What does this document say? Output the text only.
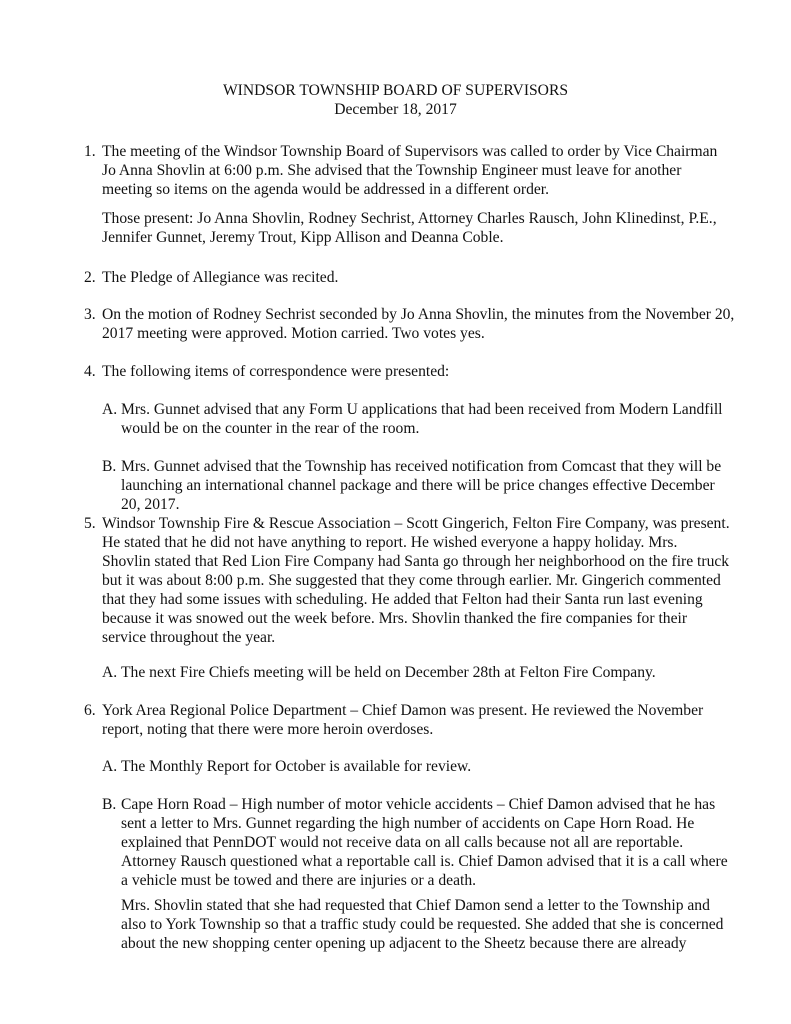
WINDSOR TOWNSHIP BOARD OF SUPERVISORS
December 18, 2017
1. The meeting of the Windsor Township Board of Supervisors was called to order by Vice Chairman
Jo Anna Shovlin at 6:00 p.m. She advised that the Township Engineer must leave for another
meeting so items on the agenda would be addressed in a different order.
Those present: Jo Anna Shovlin, Rodney Sechrist, Attorney Charles Rausch, John Klinedinst, P.E.,
Jennifer Gunnet, Jeremy Trout, Kipp Allison and Deanna Coble.
2. The Pledge of Allegiance was recited.
3. On the motion of Rodney Sechrist seconded by Jo Anna Shovlin, the minutes from the November 20,
2017 meeting were approved. Motion carried. Two votes yes.
4. The following items of correspondence were presented:
A. Mrs. Gunnet advised that any Form U applications that had been received from Modern Landfill
would be on the counter in the rear of the room.
B. Mrs. Gunnet advised that the Township has received notification from Comcast that they will be
launching an international channel package and there will be price changes effective December
20, 2017.
5. Windsor Township Fire & Rescue Association – Scott Gingerich, Felton Fire Company, was present.
He stated that he did not have anything to report. He wished everyone a happy holiday. Mrs.
Shovlin stated that Red Lion Fire Company had Santa go through her neighborhood on the fire truck
but it was about 8:00 p.m. She suggested that they come through earlier. Mr. Gingerich commented
that they had some issues with scheduling. He added that Felton had their Santa run last evening
because it was snowed out the week before. Mrs. Shovlin thanked the fire companies for their
service throughout the year.
A. The next Fire Chiefs meeting will be held on December 28th at Felton Fire Company.
6. York Area Regional Police Department – Chief Damon was present. He reviewed the November
report, noting that there were more heroin overdoses.
A. The Monthly Report for October is available for review.
B. Cape Horn Road – High number of motor vehicle accidents – Chief Damon advised that he has
sent a letter to Mrs. Gunnet regarding the high number of accidents on Cape Horn Road. He
explained that PennDOT would not receive data on all calls because not all are reportable.
Attorney Rausch questioned what a reportable call is. Chief Damon advised that it is a call where
a vehicle must be towed and there are injuries or a death.
Mrs. Shovlin stated that she had requested that Chief Damon send a letter to the Township and
also to York Township so that a traffic study could be requested. She added that she is concerned
about the new shopping center opening up adjacent to the Sheetz because there are already
